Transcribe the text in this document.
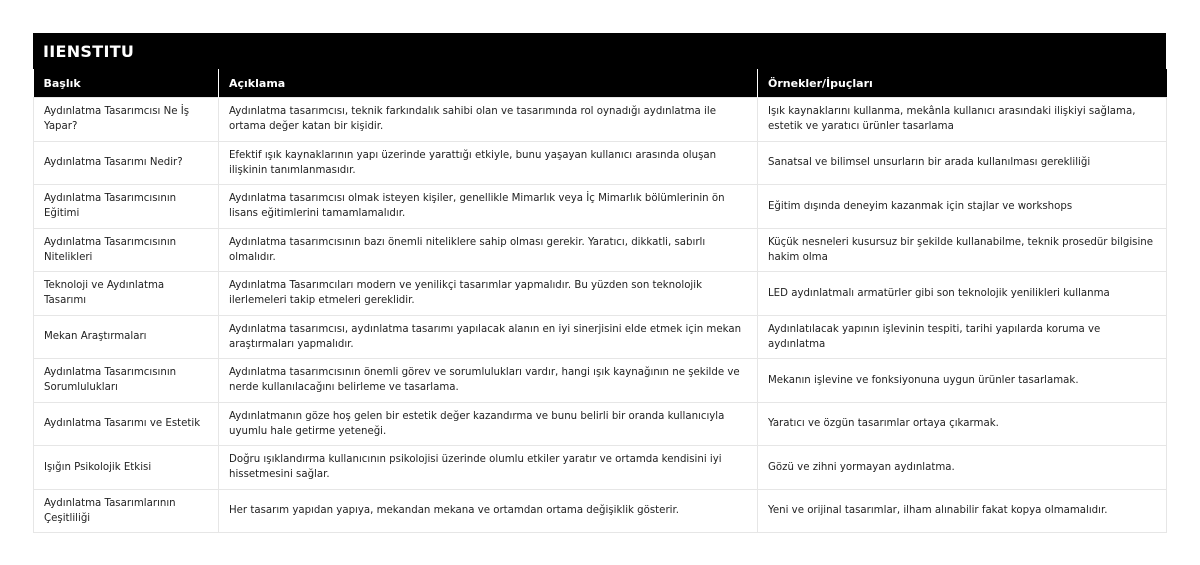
IIENSTITU
Başlık	Açıklama	Örnekler/İpuçları
Aydınlatma Tasarımcısı Ne İş Yapar?	Aydınlatma tasarımcısı, teknik farkındalık sahibi olan ve tasarımında rol oynadığı aydınlatma ile ortama değer katan bir kişidir.	Işık kaynaklarını kullanma, mekânla kullanıcı arasındaki ilişkiyi sağlama, estetik ve yaratıcı ürünler tasarlama
Aydınlatma Tasarımı Nedir?	Efektif ışık kaynaklarının yapı üzerinde yarattığı etkiyle, bunu yaşayan kullanıcı arasında oluşan ilişkinin tanımlanmasıdır.	Sanatsal ve bilimsel unsurların bir arada kullanılması gerekliliği
Aydınlatma Tasarımcısının Eğitimi	Aydınlatma tasarımcısı olmak isteyen kişiler, genellikle Mimarlık veya İç Mimarlık bölümlerinin ön lisans eğitimlerini tamamlamalıdır.	Eğitim dışında deneyim kazanmak için stajlar ve workshops
Aydınlatma Tasarımcısının Nitelikleri	Aydınlatma tasarımcısının bazı önemli niteliklere sahip olması gerekir. Yaratıcı, dikkatli, sabırlı olmalıdır.	Küçük nesneleri kusursuz bir şekilde kullanabilme, teknik prosedür bilgisine hakim olma
Teknoloji ve Aydınlatma Tasarımı	Aydınlatma Tasarımcıları modern ve yenilikçi tasarımlar yapmalıdır. Bu yüzden son teknolojik ilerlemeleri takip etmeleri gereklidir.	LED aydınlatmalı armatürler gibi son teknolojik yenilikleri kullanma
Mekan Araştırmaları	Aydınlatma tasarımcısı, aydınlatma tasarımı yapılacak alanın en iyi sinerjisini elde etmek için mekan araştırmaları yapmalıdır.	Aydınlatılacak yapının işlevinin tespiti, tarihi yapılarda koruma ve aydınlatma
Aydınlatma Tasarımcısının Sorumlulukları	Aydınlatma tasarımcısının önemli görev ve sorumlulukları vardır, hangi ışık kaynağının ne şekilde ve nerde kullanılacağını belirleme ve tasarlama.	Mekanın işlevine ve fonksiyonuna uygun ürünler tasarlamak.
Aydınlatma Tasarımı ve Estetik	Aydınlatmanın göze hoş gelen bir estetik değer kazandırma ve bunu belirli bir oranda kullanıcıyla uyumlu hale getirme yeteneği.	Yaratıcı ve özgün tasarımlar ortaya çıkarmak.
Işığın Psikolojik Etkisi	Doğru ışıklandırma kullanıcının psikolojisi üzerinde olumlu etkiler yaratır ve ortamda kendisini iyi hissetmesini sağlar.	Gözü ve zihni yormayan aydınlatma.
Aydınlatma Tasarımlarının Çeşitliliği	Her tasarım yapıdan yapıya, mekandan mekana ve ortamdan ortama değişiklik gösterir.	Yeni ve orijinal tasarımlar, ilham alınabilir fakat kopya olmamalıdır.
